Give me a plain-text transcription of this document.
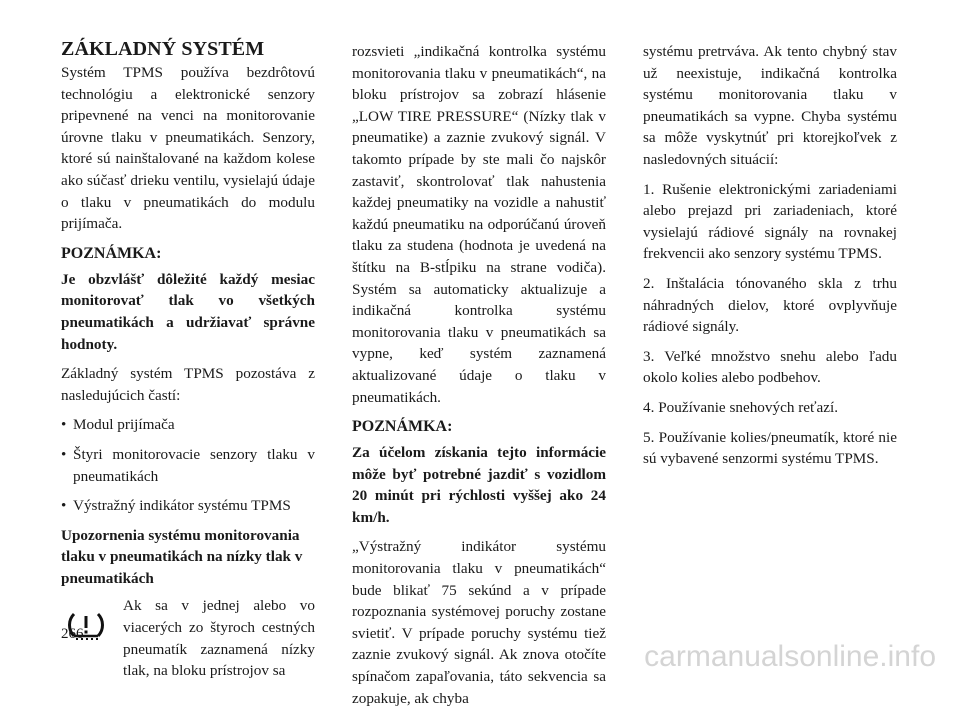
ZÁKLADNÝ SYSTÉM

Systém TPMS používa bezdrôtovú technológiu a elektronické senzory pripevnené na venci na monitorovanie úrovne tlaku v pneumatikách. Senzory, ktoré sú nainštalované na každom kolese ako súčasť drieku ventilu, vysielajú údaje o tlaku v pneumatikách do modulu prijímača.

POZNÁMKA:

Je obzvlášť dôležité každý mesiac monitorovať tlak vo všetkých pneumatikách a udržiavať správne hodnoty.

Základný systém TPMS pozostáva z nasledujúcich častí:

• Modul prijímača
• Štyri monitorovacie senzory tlaku v pneumatikách
• Výstražný indikátor systému TPMS

Upozornenia systému monitorovania tlaku v pneumatikách na nízky tlak v pneumatikách

Ak sa v jednej alebo vo viacerých zo štyroch cestných pneumatík zaznamená nízky tlak, na bloku prístrojov sa

rozsvieti „indikačná kontrolka systému monitorovania tlaku v pneumatikách“, na bloku prístrojov sa zobrazí hlásenie „LOW TIRE PRESSURE“ (Nízky tlak v pneumatike) a zaznie zvukový signál. V takomto prípade by ste mali čo najskôr zastaviť, skontrolovať tlak nahustenia každej pneumatiky na vozidle a nahustiť každú pneumatiku na odporúčanú úroveň tlaku za studena (hodnota je uvedená na štítku na B-stĺpiku na strane vodiča). Systém sa automaticky aktualizuje a indikačná kontrolka systému monitorovania tlaku v pneumatikách sa vypne, keď systém zaznamená aktualizované údaje o tlaku v pneumatikách.

POZNÁMKA:

Za účelom získania tejto informácie môže byť potrebné jazdiť s vozidlom 20 minút pri rýchlosti vyššej ako 24 km/h.

„Výstražný indikátor systému monitorovania tlaku v pneumatikách“ bude blikať 75 sekúnd a v prípade rozpoznania systémovej poruchy zostane svietiť. V prípade poruchy systému tiež zaznie zvukový signál. Ak znova otočíte spínačom zapaľovania, táto sekvencia sa zopakuje, ak chyba

systému pretrváva. Ak tento chybný stav už neexistuje, indikačná kontrolka systému monitorovania tlaku v pneumatikách sa vypne. Chyba systému sa môže vyskytnúť pri ktorejkoľvek z nasledovných situácií:

1. Rušenie elektronickými zariadeniami alebo prejazd pri zariadeniach, ktoré vysielajú rádiové signály na rovnakej frekvencii ako senzory systému TPMS.

2. Inštalácia tónovaného skla z trhu náhradných dielov, ktoré ovplyvňuje rádiové signály.

3. Veľké množstvo snehu alebo ľadu okolo kolies alebo podbehov.

4. Používanie snehových reťazí.

5. Používanie kolies/pneumatík, ktoré nie sú vybavené senzormi systému TPMS.

266
carmanualsonline.info
